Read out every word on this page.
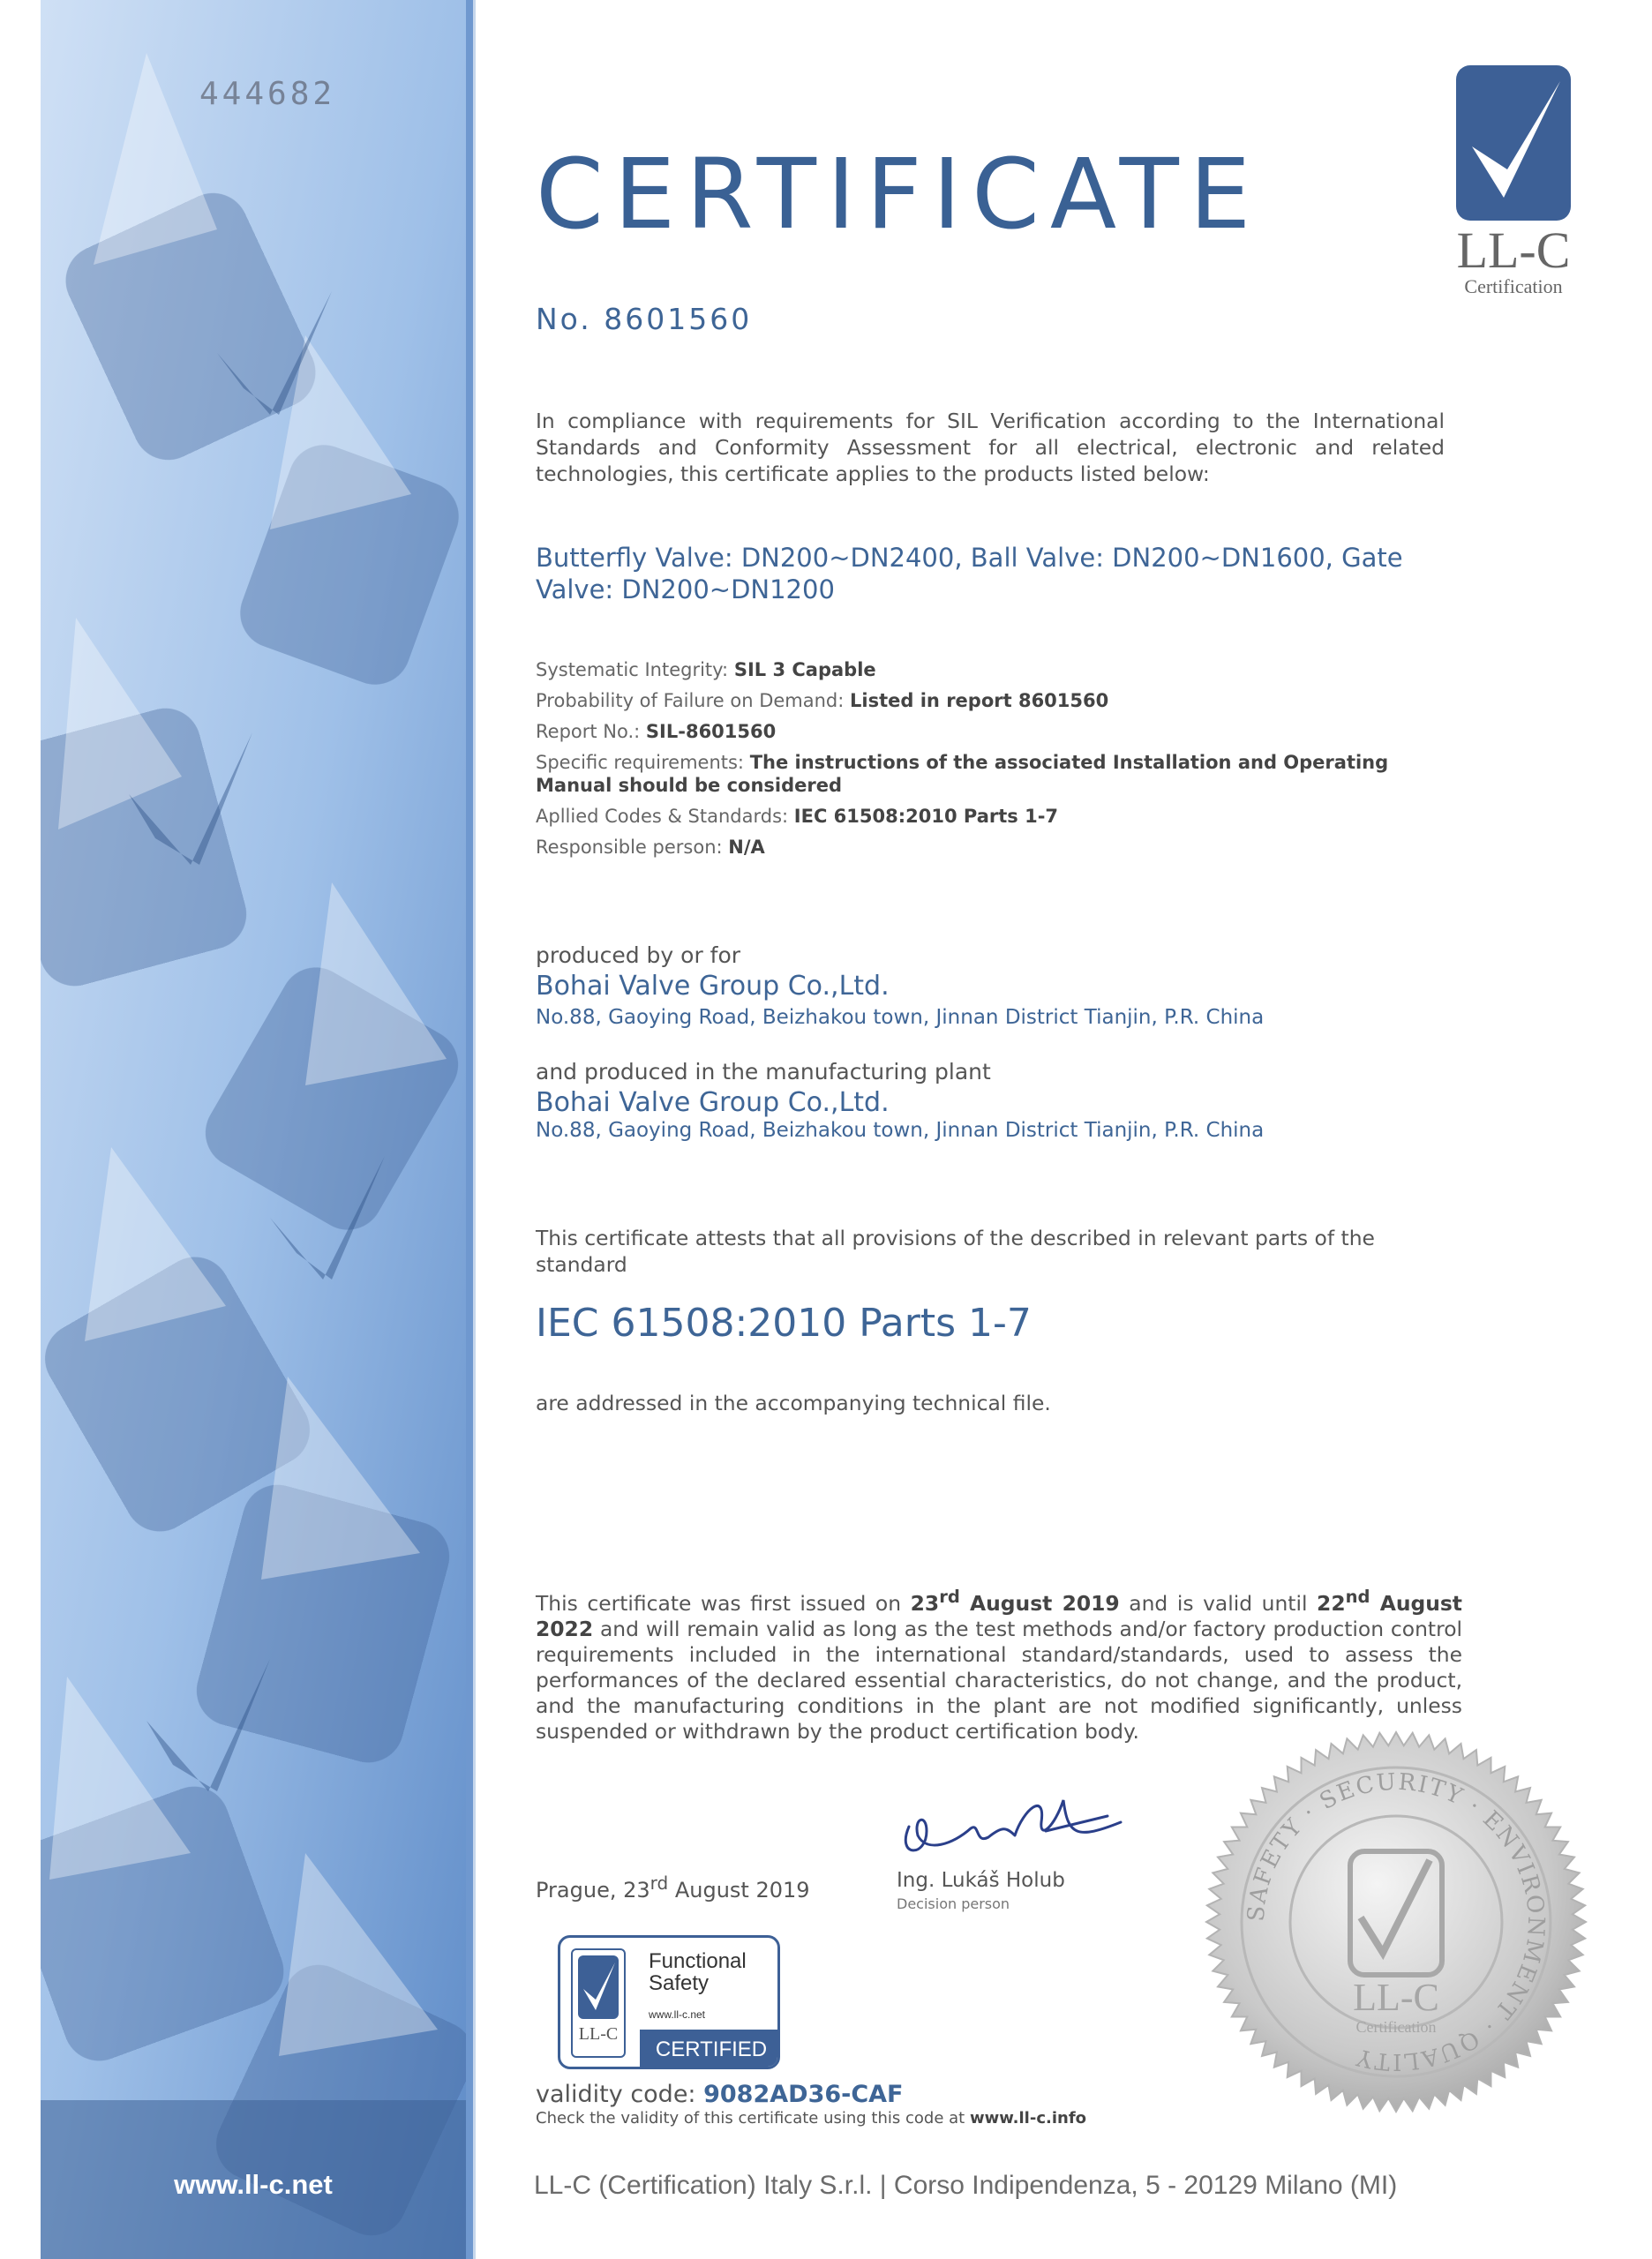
444682
www.ll-c.net
LL-C
Certification
CERTIFICATE
No. 8601560

In compliance with requirements for SIL Verification according to the International Standards and Conformity Assessment for all electrical, electronic and related technologies, this certificate applies to the products listed below:

Butterfly Valve: DN200~DN2400, Ball Valve: DN200~DN1600, Gate Valve: DN200~DN1200

Systematic Integrity: SIL 3 Capable
Probability of Failure on Demand: Listed in report 8601560
Report No.: SIL-8601560
Specific requirements: The instructions of the associated Installation and Operating Manual should be considered
Apllied Codes & Standards: IEC 61508:2010 Parts 1-7
Responsible person: N/A
produced by or for
Bohai Valve Group Co.,Ltd.
No.88, Gaoying Road, Beizhakou town, Jinnan District Tianjin, P.R. China
and produced in the manufacturing plant
Bohai Valve Group Co.,Ltd.
No.88, Gaoying Road, Beizhakou town, Jinnan District Tianjin, P.R. China

This certificate attests that all provisions of the described in relevant parts of the standard

IEC 61508:2010 Parts 1-7

are addressed in the accompanying technical file.

This certificate was first issued on 23rd August 2019 and is valid until 22nd August 2022 and will remain valid as long as the test methods and/or factory production control requirements included in the international standard/standards, used to assess the performances of the declared essential characteristics, do not change, and the product, and the manufacturing conditions in the plant are not modified significantly, unless suspended or withdrawn by the product certification body.

Prague, 23rd August 2019	Ing. Lukáš Holub
Decision person	SAFETY · SECURITY · ENVIRONMENT · QUALITY
LL-C
Certification
LL-C
Functional
Safety
www.ll-c.net
CERTIFIED
validity code: 9082AD36-CAF
Check the validity of this certificate using this code at www.ll-c.info
LL-C (Certification) Italy S.r.l. | Corso Indipendenza, 5 - 20129 Milano (MI)
